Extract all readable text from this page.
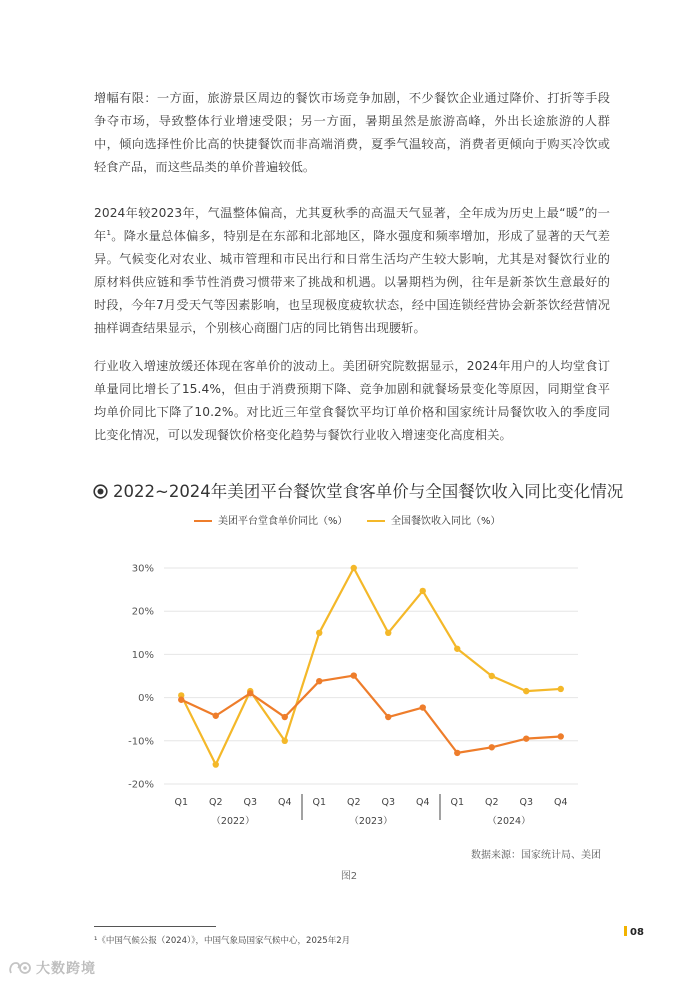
增幅有限：一方面，旅游景区周边的餐饮市场竞争加剧，不少餐饮企业通过降价、打折等手段争夺市场，导致整体行业增速受限；另一方面，暑期虽然是旅游高峰，外出长途旅游的人群中，倾向选择性价比高的快捷餐饮而非高端消费，夏季气温较高，消费者更倾向于购买冷饮或轻食产品，而这些品类的单价普遍较低。

2024年较2023年，气温整体偏高，尤其夏秋季的高温天气显著，全年成为历史上最“暖”的一年$^1$。降水量总体偏多，特别是在东部和北部地区，降水强度和频率增加，形成了显著的天气差异。气候变化对农业、城市管理和市民出行和日常生活均产生较大影响，尤其是对餐饮行业的原材料供应链和季节性消费习惯带来了挑战和机遇。以暑期档为例，往年是新茶饮生意最好的时段，今年7月受天气等因素影响，也呈现极度疲软状态，经中国连锁经营协会新茶饮经营情况抽样调查结果显示，个别核心商圈门店的同比销售出现腰斩。

行业收入增速放缓还体现在客单价的波动上。美团研究院数据显示，2024年用户的人均堂食订单量同比增长了15.4%，但由于消费预期下降、竞争加剧和就餐场景变化等原因，同期堂食平均单价同比下降了10.2%。对比近三年堂食餐饮平均订单价格和国家统计局餐饮收入的季度同比变化情况，可以发现餐饮价格变化趋势与餐饮行业收入增速变化高度相关。

2022~2024年美团平台餐饮堂食客单价与全国餐饮收入同比变化情况
美团平台堂食单价同比（%）	全国餐饮收入同比（%）
30%
20%
10%
0%
-10%
-20%
Q1 Q2 Q3 Q4 Q1 Q2 Q3 Q4 Q1 Q2 Q3 Q4
（2022）	（2023）	（2024）
数据来源：国家统计局、美团
图2
¹《中国气候公报（2024）》，中国气象局国家气候中心，2025年2月
08
大数跨境
